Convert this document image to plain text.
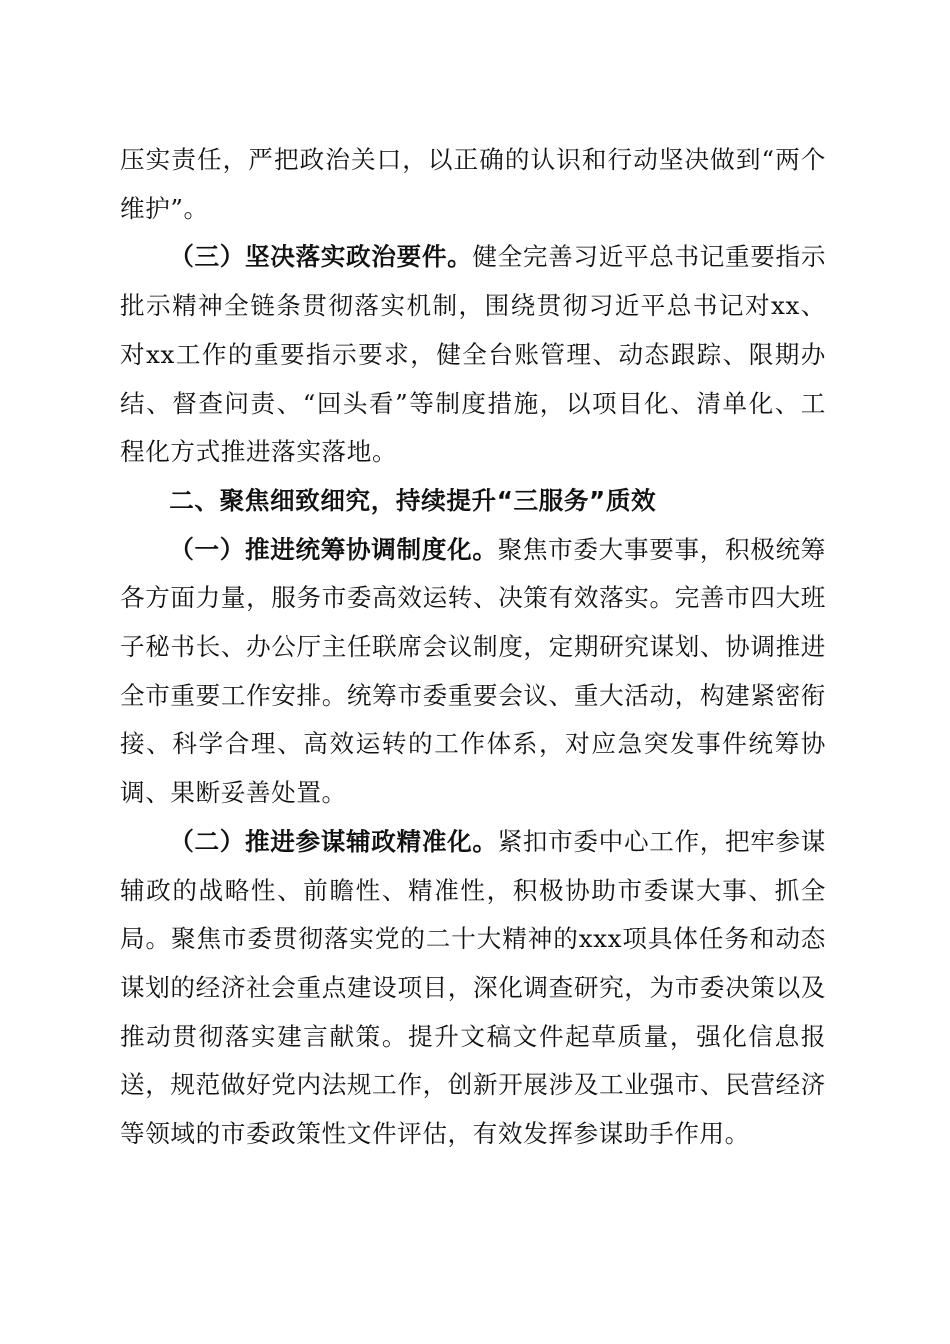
压实责任，严把政治关口，以正确的认识和行动坚决做到“两个维护”。

（三）坚决落实政治要件。健全完善习近平总书记重要指示批示精神全链条贯彻落实机制，围绕贯彻习近平总书记对xx、对xx工作的重要指示要求，健全台账管理、动态跟踪、限期办结、督查问责、“回头看”等制度措施，以项目化、清单化、工程化方式推进落实落地。

二、聚焦细致细究，持续提升“三服务”质效

（一）推进统筹协调制度化。聚焦市委大事要事，积极统筹各方面力量，服务市委高效运转、决策有效落实。完善市四大班子秘书长、办公厅主任联席会议制度，定期研究谋划、协调推进全市重要工作安排。统筹市委重要会议、重大活动，构建紧密衔接、科学合理、高效运转的工作体系，对应急突发事件统筹协调、果断妥善处置。

（二）推进参谋辅政精准化。紧扣市委中心工作，把牢参谋辅政的战略性、前瞻性、精准性，积极协助市委谋大事、抓全局。聚焦市委贯彻落实党的二十大精神的xxx项具体任务和动态谋划的经济社会重点建设项目，深化调查研究，为市委决策以及推动贯彻落实建言献策。提升文稿文件起草质量，强化信息报送，规范做好党内法规工作，创新开展涉及工业强市、民营经济等领域的市委政策性文件评估，有效发挥参谋助手作用。
